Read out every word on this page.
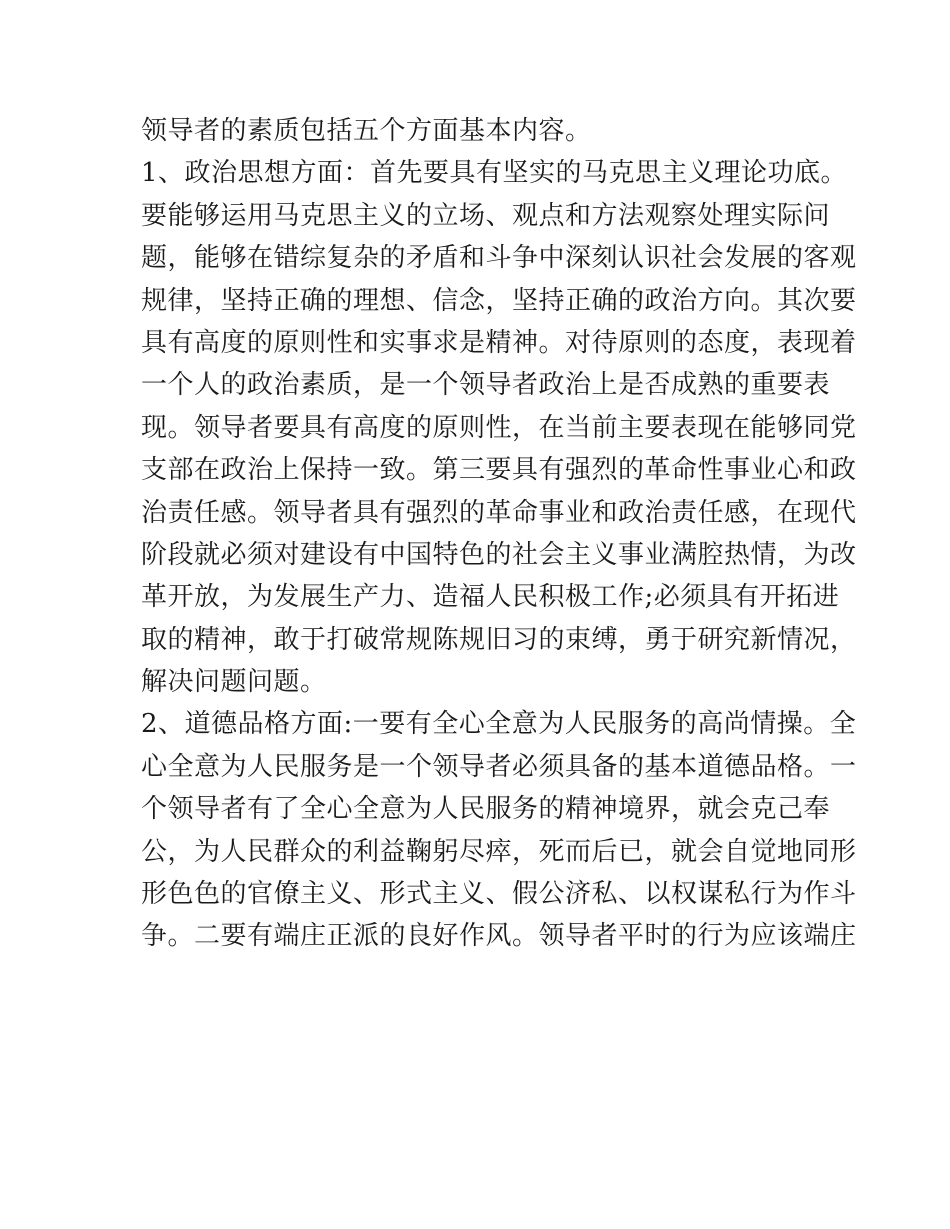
领导者的素质包括五个方面基本内容。
1、政治思想方面：首先要具有坚实的马克思主义理论功底。
要能够运用马克思主义的立场、观点和方法观察处理实际问
题，能够在错综复杂的矛盾和斗争中深刻认识社会发展的客观
规律，坚持正确的理想、信念，坚持正确的政治方向。其次要
具有高度的原则性和实事求是精神。对待原则的态度，表现着
一个人的政治素质，是一个领导者政治上是否成熟的重要表
现。领导者要具有高度的原则性，在当前主要表现在能够同党
支部在政治上保持一致。第三要具有强烈的革命性事业心和政
治责任感。领导者具有强烈的革命事业和政治责任感，在现代
阶段就必须对建设有中国特色的社会主义事业满腔热情，为改
革开放，为发展生产力、造福人民积极工作;必须具有开拓进
取的精神，敢于打破常规陈规旧习的束缚，勇于研究新情况，
解决问题问题。
2、道德品格方面:一要有全心全意为人民服务的高尚情操。全
心全意为人民服务是一个领导者必须具备的基本道德品格。一
个领导者有了全心全意为人民服务的精神境界，就会克己奉
公，为人民群众的利益鞠躬尽瘁，死而后已，就会自觉地同形
形色色的官僚主义、形式主义、假公济私、以权谋私行为作斗
争。二要有端庄正派的良好作风。领导者平时的行为应该端庄
